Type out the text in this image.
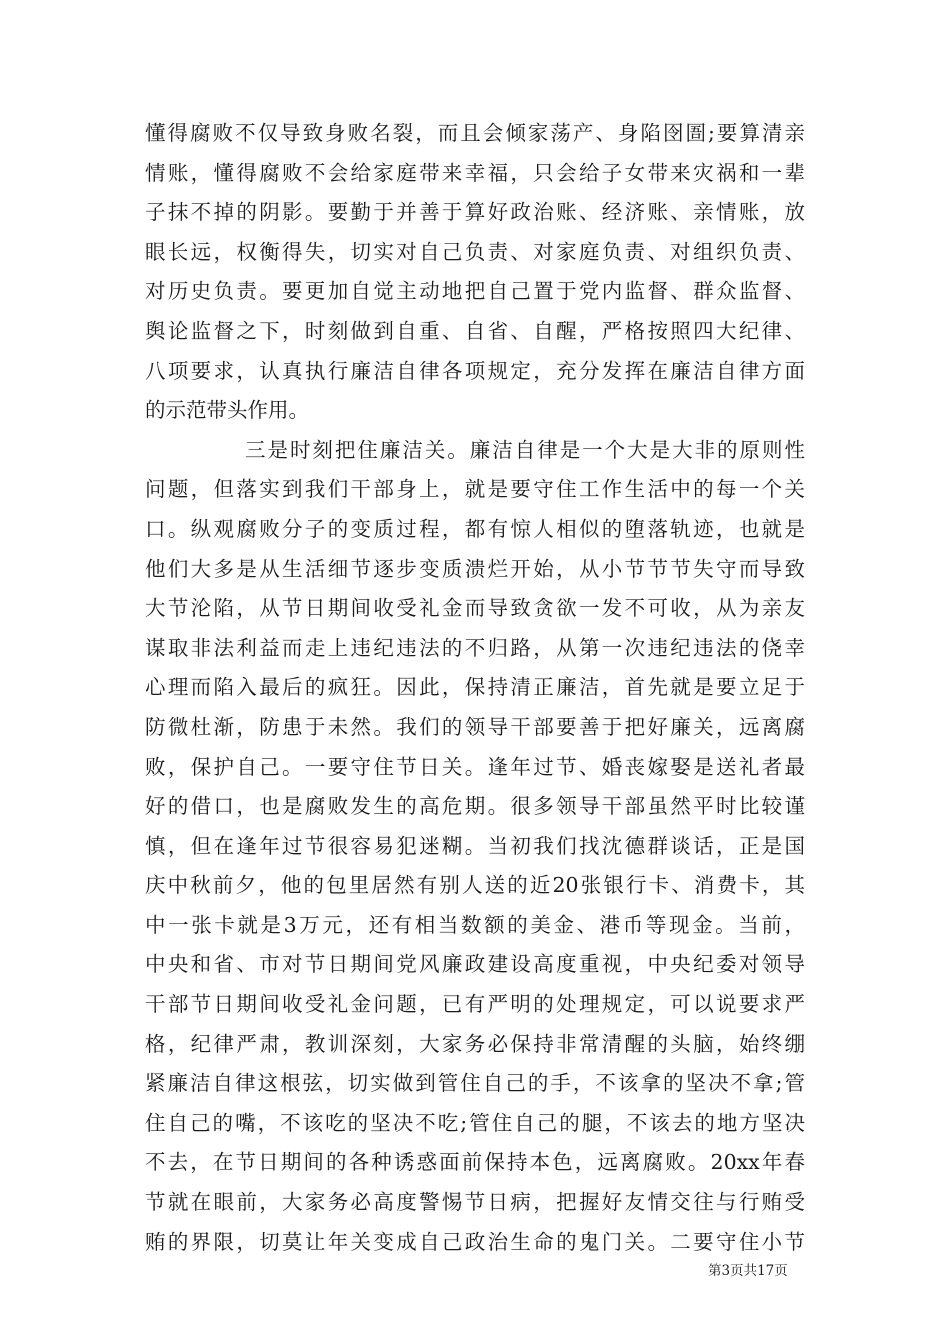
懂得腐败不仅导致身败名裂，而且会倾家荡产、身陷囹圄;要算清亲
情账，懂得腐败不会给家庭带来幸福，只会给子女带来灾祸和一辈
子抹不掉的阴影。要勤于并善于算好政治账、经济账、亲情账，放
眼长远，权衡得失，切实对自己负责、对家庭负责、对组织负责、
对历史负责。要更加自觉主动地把自己置于党内监督、群众监督、
舆论监督之下，时刻做到自重、自省、自醒，严格按照四大纪律、
八项要求，认真执行廉洁自律各项规定，充分发挥在廉洁自律方面
的示范带头作用。
三是时刻把住廉洁关。廉洁自律是一个大是大非的原则性
问题，但落实到我们干部身上，就是要守住工作生活中的每一个关
口。纵观腐败分子的变质过程，都有惊人相似的堕落轨迹，也就是
他们大多是从生活细节逐步变质溃烂开始，从小节节节失守而导致
大节沦陷，从节日期间收受礼金而导致贪欲一发不可收，从为亲友
谋取非法利益而走上违纪违法的不归路，从第一次违纪违法的侥幸
心理而陷入最后的疯狂。因此，保持清正廉洁，首先就是要立足于
防微杜渐，防患于未然。我们的领导干部要善于把好廉关，远离腐
败，保护自己。一要守住节日关。逢年过节、婚丧嫁娶是送礼者最
好的借口，也是腐败发生的高危期。很多领导干部虽然平时比较谨
慎，但在逢年过节很容易犯迷糊。当初我们找沈德群谈话，正是国
庆中秋前夕，他的包里居然有别人送的近20张银行卡、消费卡，其
中一张卡就是3万元，还有相当数额的美金、港币等现金。当前，
中央和省、市对节日期间党风廉政建设高度重视，中央纪委对领导
干部节日期间收受礼金问题，已有严明的处理规定，可以说要求严
格，纪律严肃，教训深刻，大家务必保持非常清醒的头脑，始终绷
紧廉洁自律这根弦，切实做到管住自己的手，不该拿的坚决不拿;管
住自己的嘴，不该吃的坚决不吃;管住自己的腿，不该去的地方坚决
不去，在节日期间的各种诱惑面前保持本色，远离腐败。20xx年春
节就在眼前，大家务必高度警惕节日病，把握好友情交往与行贿受
贿的界限，切莫让年关变成自己政治生命的鬼门关。二要守住小节
第3页共17页
